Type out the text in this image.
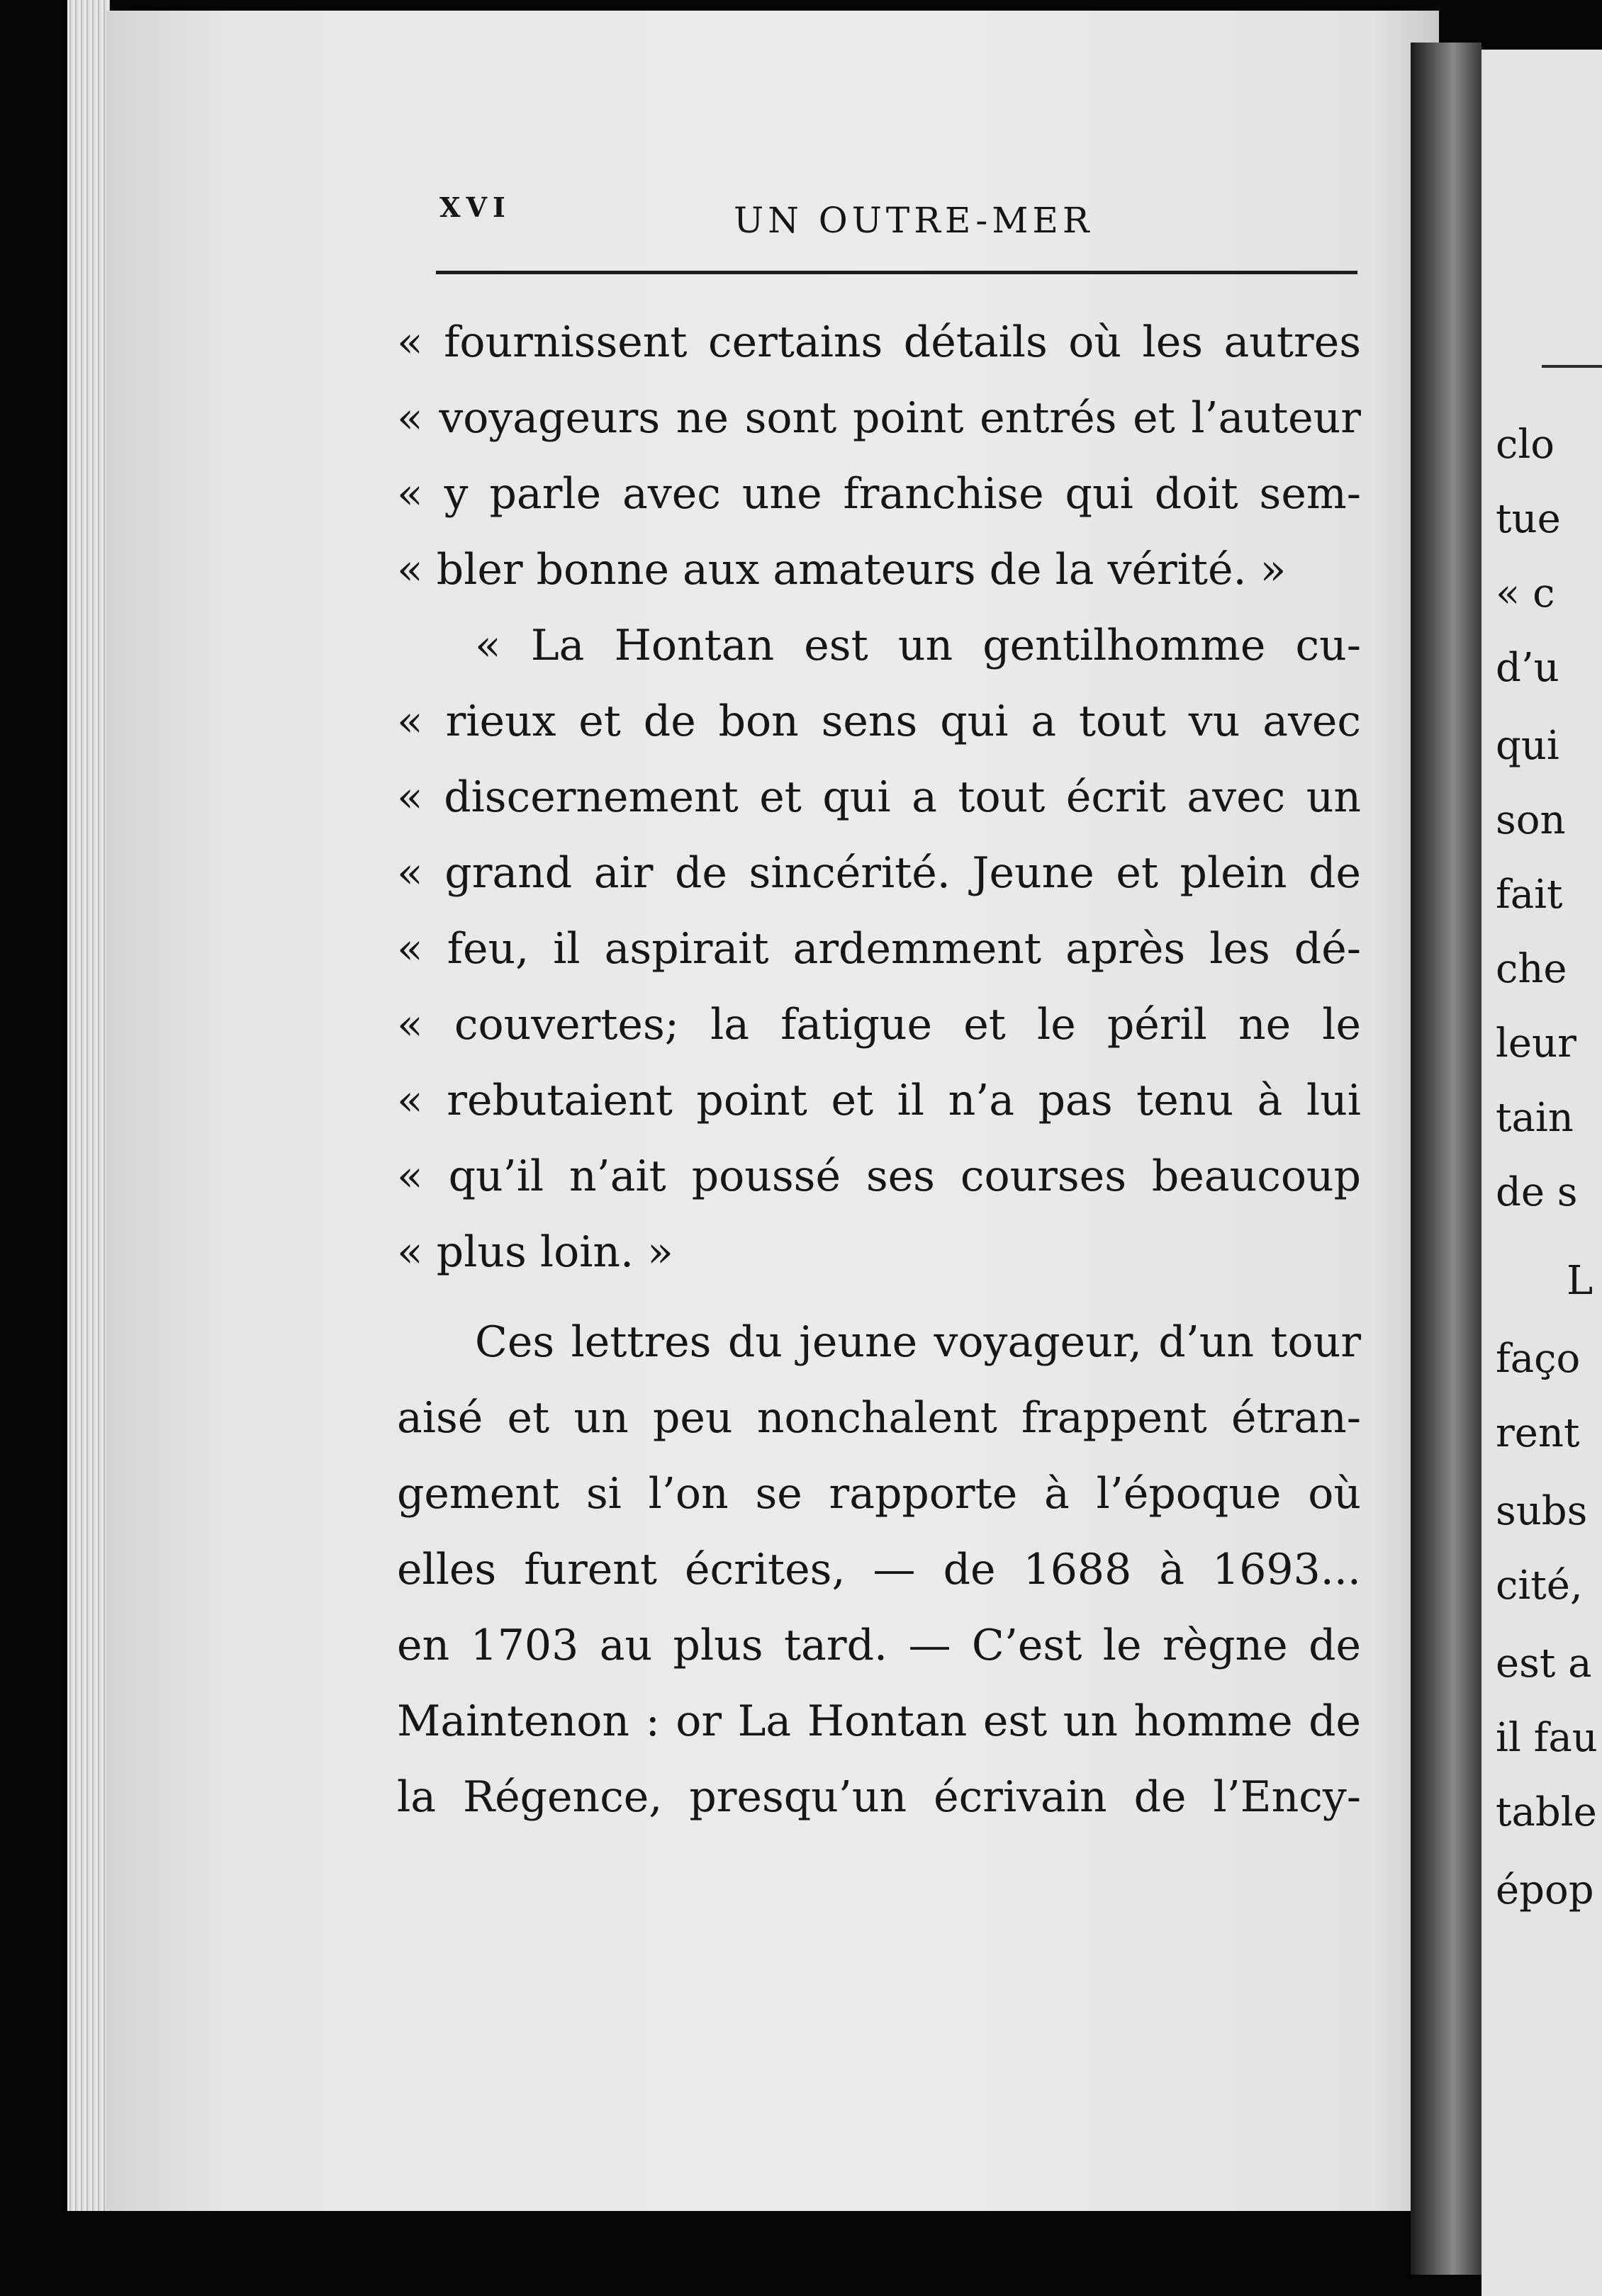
clo
tue
« c
d’u
qui
son
fait
che
leur
tain
de s
L
faço
rent
subs
cité,
est a
il fau
table
épop
XVI	UN OUTRE-MER
« fournissent certains détails où les autres
« voyageurs ne sont point entrés et l’auteur
« y parle avec une franchise qui doit sem-
« bler bonne aux amateurs de la vérité. »
« La Hontan est un gentilhomme cu-
« rieux et de bon sens qui a tout vu avec
« discernement et qui a tout écrit avec un
« grand air de sincérité. Jeune et plein de
« feu, il aspirait ardemment après les dé-
« couvertes; la fatigue et le péril ne le
« rebutaient point et il n’a pas tenu à lui
« qu’il n’ait poussé ses courses beaucoup
« plus loin. »
Ces lettres du jeune voyageur, d’un tour
aisé et un peu nonchalent frappent étran-
gement si l’on se rapporte à l’époque où
elles furent écrites, — de 1688 à 1693...
en 1703 au plus tard. — C’est le règne de
Maintenon : or La Hontan est un homme de
la Régence, presqu’un écrivain de l’Ency-
